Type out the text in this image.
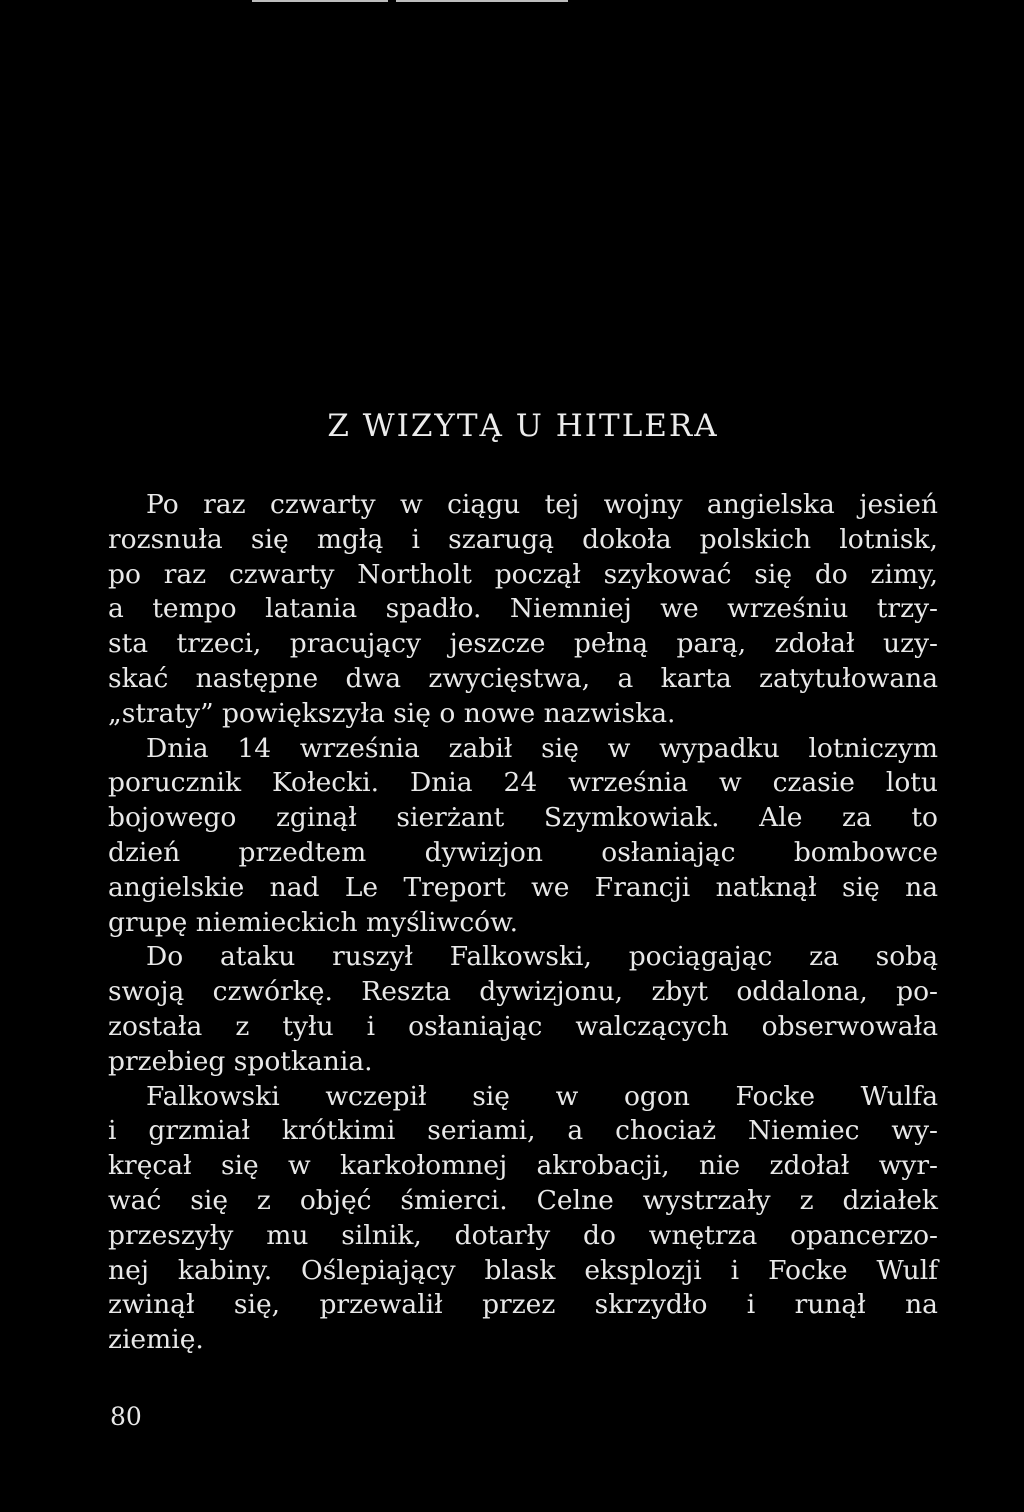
Z WIZYTĄ U HITLERA
Po raz czwarty w ciągu tej wojny angielska jesień
rozsnuła się mgłą i szarugą dokoła polskich lotnisk,
po raz czwarty Northolt począł szykować się do zimy,
a tempo latania spadło. Niemniej we wrześniu trzy-
sta trzeci, pracujący jeszcze pełną parą, zdołał uzy-
skać następne dwa zwycięstwa, a karta zatytułowana
„straty” powiększyła się o nowe nazwiska.
Dnia 14 września zabił się w wypadku lotniczym
porucznik Kołecki. Dnia 24 września w czasie lotu
bojowego zginął sierżant Szymkowiak. Ale za to
dzień przedtem dywizjon osłaniając bombowce
angielskie nad Le Treport we Francji natknął się na
grupę niemieckich myśliwców.
Do ataku ruszył Falkowski, pociągając za sobą
swoją czwórkę. Reszta dywizjonu, zbyt oddalona, po-
została z tyłu i osłaniając walczących obserwowała
przebieg spotkania.
Falkowski wczepił się w ogon Focke Wulfa
i grzmiał krótkimi seriami, a chociaż Niemiec wy-
kręcał się w karkołomnej akrobacji, nie zdołał wyr-
wać się z objęć śmierci. Celne wystrzały z działek
przeszyły mu silnik, dotarły do wnętrza opancerzo-
nej kabiny. Oślepiający blask eksplozji i Focke Wulf
zwinął się, przewalił przez skrzydło i runął na
ziemię.
80
